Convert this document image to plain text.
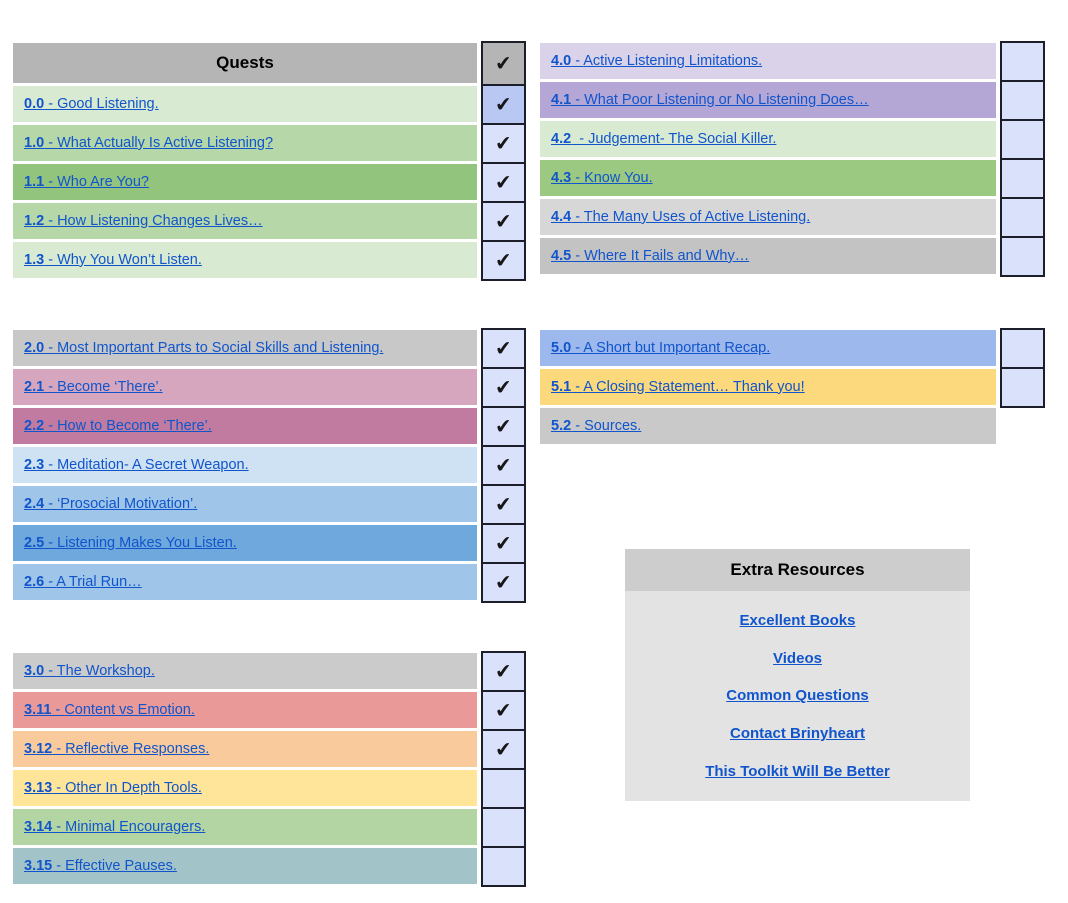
Quests
0.0 - Good Listening.
1.0 - What Actually Is Active Listening?
1.1 - Who Are You?
1.2 - How Listening Changes Lives…
1.3 - Why You Won’t Listen.
✔
✔
✔
✔
✔
✔
4.0 - Active Listening Limitations.
4.1 - What Poor Listening or No Listening Does…
4.2  - Judgement- The Social Killer.
4.3 - Know You.
4.4 - The Many Uses of Active Listening.
4.5 - Where It Fails and Why…
2.0 - Most Important Parts to Social Skills and Listening.
2.1 - Become ‘There’.
2.2 - How to Become ‘There’.
2.3 - Meditation- A Secret Weapon.
2.4 - ‘Prosocial Motivation’.
2.5 - Listening Makes You Listen.
2.6 - A Trial Run…
✔
✔
✔
✔
✔
✔
✔
5.0 - A Short but Important Recap.
5.1 - A Closing Statement… Thank you!
5.2 - Sources.
3.0 - The Workshop.
3.11 - Content vs Emotion.
3.12 - Reflective Responses.
3.13 - Other In Depth Tools.
3.14 - Minimal Encouragers.
3.15 - Effective Pauses.
✔
✔
✔
Extra Resources
Excellent Books
Videos
Common Questions
Contact Brinyheart
This Toolkit Will Be Better
